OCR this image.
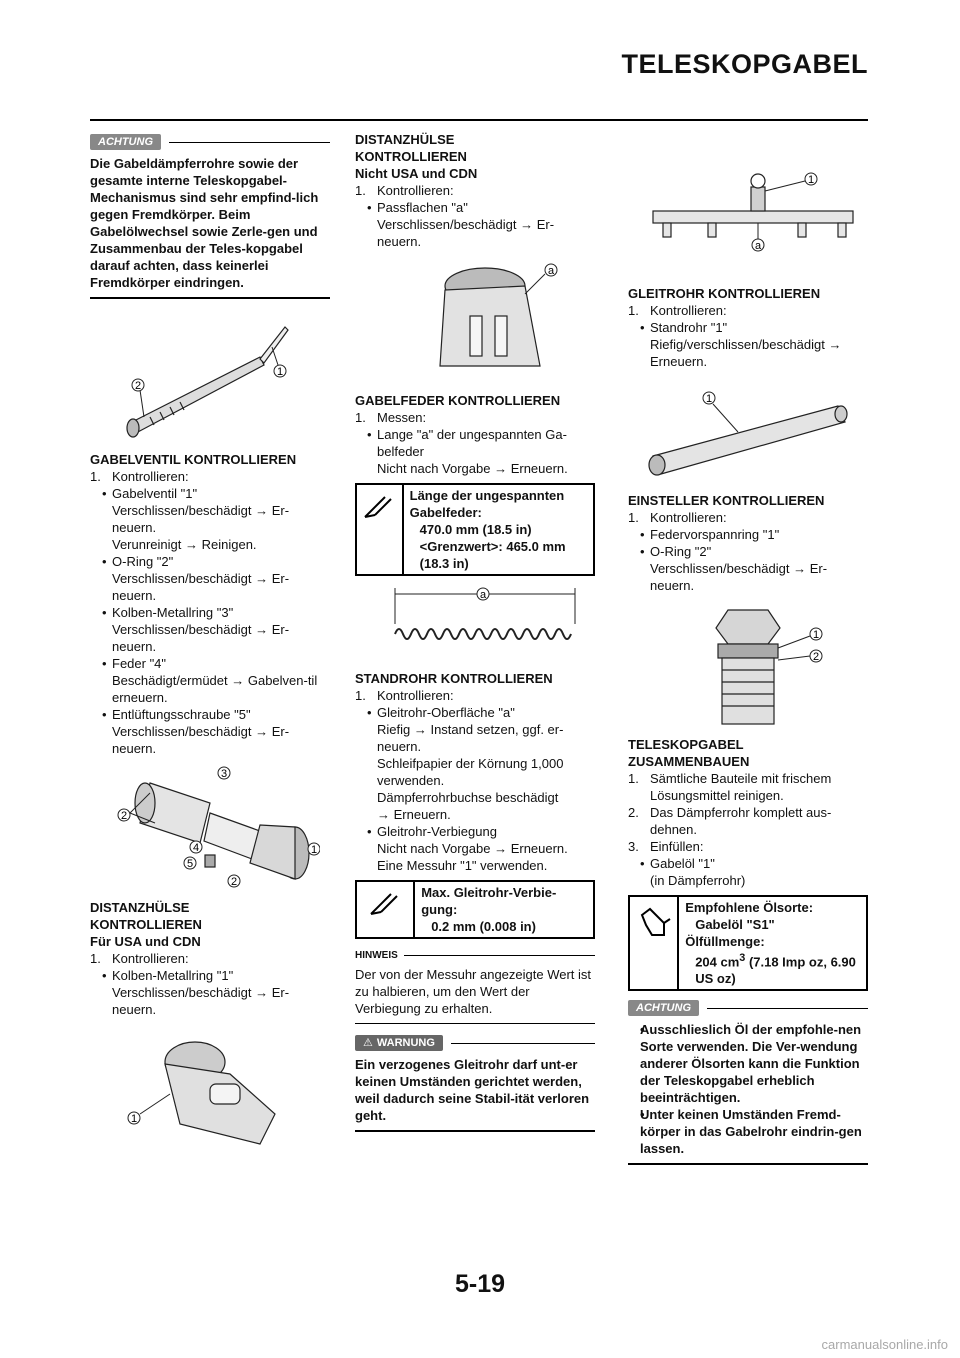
TELESKOPGABEL
ACHTUNG
Die Gabeldämpferrohre sowie der gesamte interne Teleskopgabel-Mechanismus sind sehr empfind-lich gegen Fremdkörper. Beim Gabelölwechsel sowie Zerle-gen und Zusammenbau der Teles-kopgabel darauf achten, dass keinerlei Fremdkörper eindringen.
2
1
GABELVENTIL KONTROLLIEREN
1. Kontrollieren:
• Gabelventil "1"
Verschlissen/beschädigt → Er-neuern.
Verunreinigt → Reinigen.
• O-Ring "2"
Verschlissen/beschädigt → Er-neuern.
• Kolben-Metallring "3"
Verschlissen/beschädigt → Er-neuern.
• Feder "4"
Beschädigt/ermüdet → Gabelven-til erneuern.
• Entlüftungsschraube "5"
Verschlissen/beschädigt → Er-neuern.
2
3
4
5
2
1
DISTANZHÜLSE
KONTROLLIEREN
Für USA und CDN
1. Kontrollieren:
• Kolben-Metallring "1"
Verschlissen/beschädigt → Er-neuern.
1
DISTANZHÜLSE
KONTROLLIEREN
Nicht USA und CDN
1. Kontrollieren:
• Passflachen "a"
Verschlissen/beschädigt → Er-neuern.
a
GABELFEDER KONTROLLIEREN
1. Messen:
• Lange "a" der ungespannten Ga-belfeder
Nicht nach Vorgabe → Erneuern.
Länge der ungespannten Gabelfeder:
470.0 mm (18.5 in)
<Grenzwert>: 465.0 mm (18.3 in)
a
STANDROHR KONTROLLIEREN
1. Kontrollieren:
• Gleitrohr-Oberfläche "a"
Riefig → Instand setzen, ggf. er-neuern.
Schleifpapier der Körnung 1,000 verwenden.
Dämpferrohrbuchse beschädigt
→ Erneuern.
• Gleitrohr-Verbiegung
Nicht nach Vorgabe → Erneuern.
Eine Messuhr "1" verwenden.
Max. Gleitrohr-Verbie-gung:
0.2 mm (0.008 in)
HINWEIS
Der von der Messuhr angezeigte Wert ist zu halbieren, um den Wert der Verbiegung zu erhalten.
⚠ WARNUNG
Ein verzogenes Gleitrohr darf unt-er keinen Umständen gerichtet werden, weil dadurch seine Stabil-ität verloren geht.
1
a
GLEITROHR KONTROLLIEREN
1. Kontrollieren:
• Standrohr "1"
Riefig/verschlissen/beschädigt → Erneuern.
1
EINSTELLER KONTROLLIEREN
1. Kontrollieren:
• Federvorspannring "1"
• O-Ring "2"
Verschlissen/beschädigt → Er-neuern.
1
2
TELESKOPGABEL
ZUSAMMENBAUEN
1. Sämtliche Bauteile mit frischem Lösungsmittel reinigen.
2. Das Dämpferrohr komplett aus-dehnen.
3. Einfüllen:
• Gabelöl "1"
(in Dämpferrohr)
Empfohlene Ölsorte:
Gabelöl "S1"
Ölfüllmenge:
204 $cm^3$ (7.18 Imp oz, 6.90 US oz)
ACHTUNG
• Ausschlieslich Öl der empfohle-nen Sorte verwenden. Die Ver-wendung anderer Ölsorten kann die Funktion der Teleskopgabel erheblich beeinträchtigen.
• Unter keinen Umständen Fremd-körper in das Gabelrohr eindrin-gen lassen.
5-19
carmanualsonline.info
